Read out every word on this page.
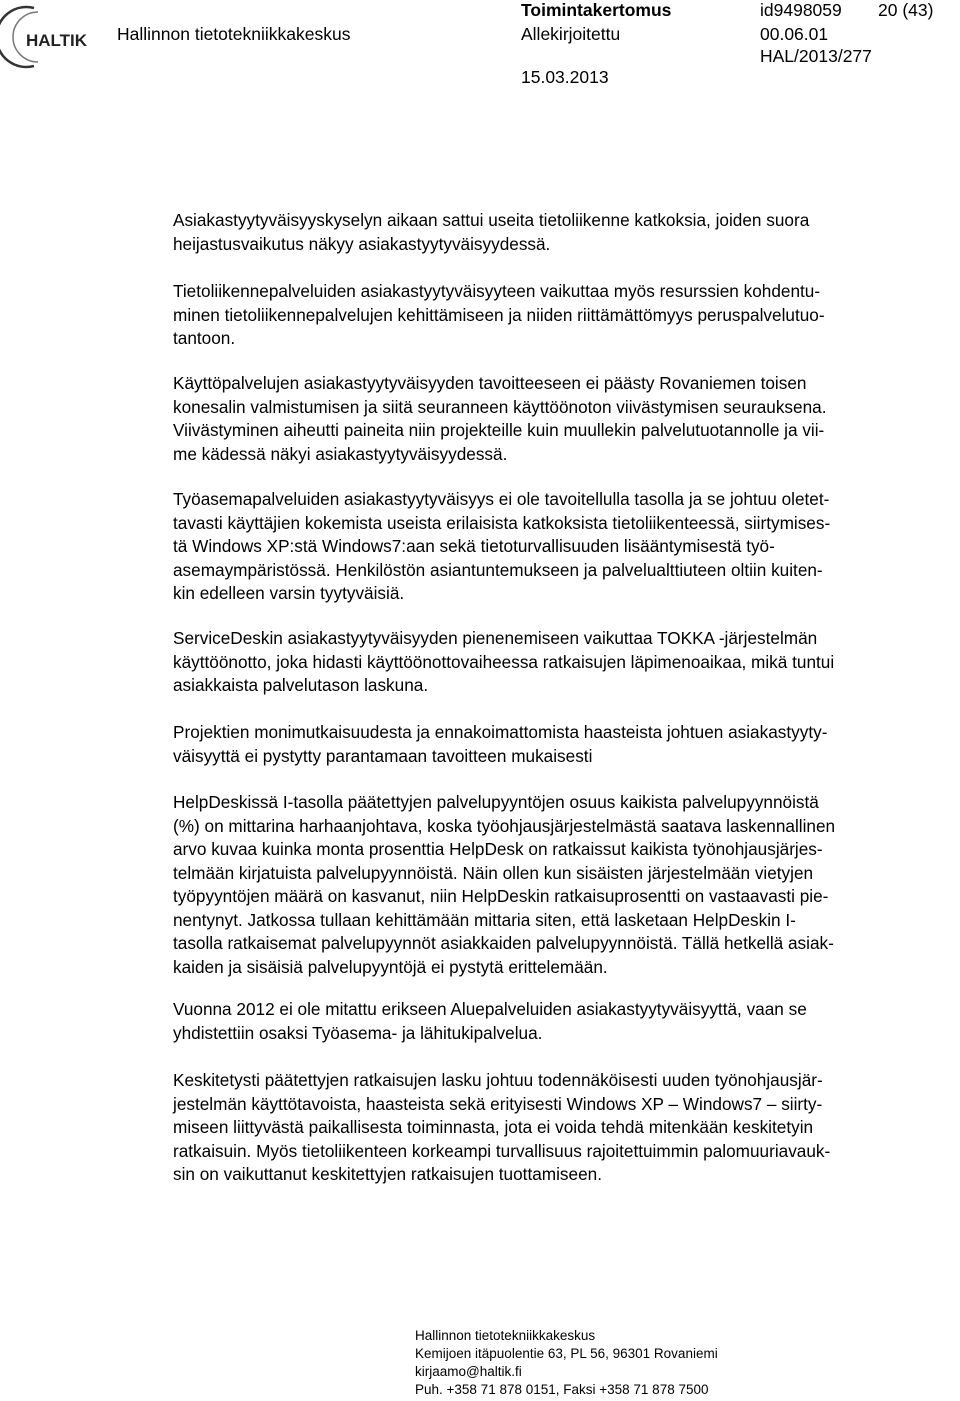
HALTIK Hallinnon tietotekniikkakeskus
Toimintakertomus
Allekirjoitettu
15.03.2013
id9498059 20 (43)
00.06.01
HAL/2013/277
Asiakastyytyväisyyskyselyn aikaan sattui useita tietoliikenne katkoksia, joiden suora
heijastusvaikutus näkyy asiakastyytyväisyydessä.
Tietoliikennepalveluiden asiakastyytyväisyyteen vaikuttaa myös resurssien kohdentu-
minen tietoliikennepalvelujen kehittämiseen ja niiden riittämättömyys peruspalvelutuo-
tantoon.
Käyttöpalvelujen asiakastyytyväisyyden tavoitteeseen ei päästy Rovaniemen toisen
konesalin valmistumisen ja siitä seuranneen käyttöönoton viivästymisen seurauksena.
Viivästyminen aiheutti paineita niin projekteille kuin muullekin palvelutuotannolle ja vii-
me kädessä näkyi asiakastyytyväisyydessä.
Työasemapalveluiden asiakastyytyväisyys ei ole tavoitellulla tasolla ja se johtuu oletet-
tavasti käyttäjien kokemista useista erilaisista katkoksista tietoliikenteessä, siirtymises-
tä Windows XP:stä Windows7:aan sekä tietoturvallisuuden lisääntymisestä työ-
asemaympäristössä. Henkilöstön asiantuntemukseen ja palvelualttiuteen oltiin kuiten-
kin edelleen varsin tyytyväisiä.
ServiceDeskin asiakastyytyväisyyden pienenemiseen vaikuttaa TOKKA -järjestelmän
käyttöönotto, joka hidasti käyttöönottovaiheessa ratkaisujen läpimenoaikaa, mikä tuntui
asiakkaista palvelutason laskuna.
Projektien monimutkaisuudesta ja ennakoimattomista haasteista johtuen asiakastyyty-
väisyyttä ei pystytty parantamaan tavoitteen mukaisesti
HelpDeskissä I-tasolla päätettyjen palvelupyyntöjen osuus kaikista palvelupyynnöistä
(%) on mittarina harhaanjohtava, koska työohjausjärjestelmästä saatava laskennallinen
arvo kuvaa kuinka monta prosenttia HelpDesk on ratkaissut kaikista työnohjausjärjes-
telmään kirjatuista palvelupyynnöistä. Näin ollen kun sisäisten järjestelmään vietyjen
työpyyntöjen määrä on kasvanut, niin HelpDeskin ratkaisuprosentti on vastaavasti pie-
nentynyt. Jatkossa tullaan kehittämään mittaria siten, että lasketaan HelpDeskin I-
tasolla ratkaisemat palvelupyynnöt asiakkaiden palvelupyynnöistä. Tällä hetkellä asiak-
kaiden ja sisäisiä palvelupyyntöjä ei pystytä erittelemään.
Vuonna 2012 ei ole mitattu erikseen Aluepalveluiden asiakastyytyväisyyttä, vaan se
yhdistettiin osaksi Työasema- ja lähitukipalvelua.
Keskitetysti päätettyjen ratkaisujen lasku johtuu todennäköisesti uuden työnohjausjär-
jestelmän käyttötavoista, haasteista sekä erityisesti Windows XP – Windows7 – siirty-
miseen liittyvästä paikallisesta toiminnasta, jota ei voida tehdä mitenkään keskitetyin
ratkaisuin. Myös tietoliikenteen korkeampi turvallisuus rajoitettuimmin palomuuriavauk-
sin on vaikuttanut keskitettyjen ratkaisujen tuottamiseen.
Hallinnon tietotekniikkakeskus
Kemijoen itäpuolentie 63, PL 56, 96301 Rovaniemi
kirjaamo@haltik.fi
Puh. +358 71 878 0151, Faksi +358 71 878 7500
